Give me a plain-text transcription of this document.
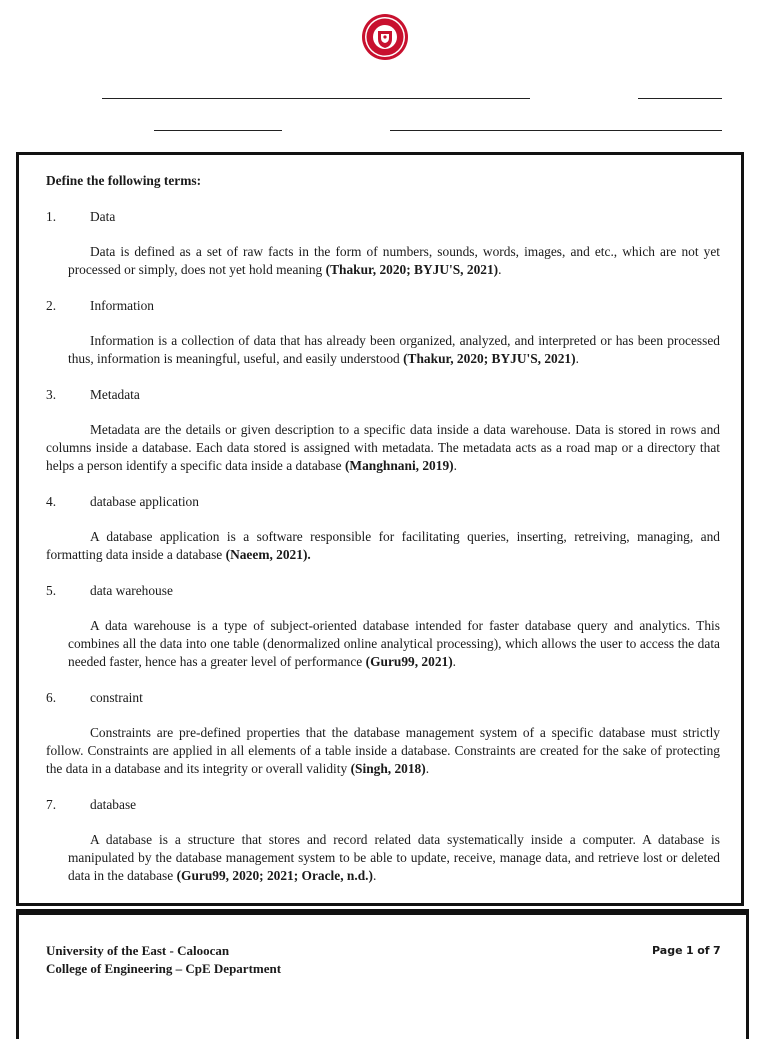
Define the following terms:
1.	Data
Data is defined as a set of raw facts in the form of numbers, sounds, words, images, and etc., which are not yet processed or simply, does not yet hold meaning (Thakur, 2020; BYJU'S, 2021).
2.	Information
Information is a collection of data that has already been organized, analyzed, and interpreted or has been processed thus, information is meaningful, useful, and easily understood (Thakur, 2020; BYJU'S, 2021).
3.	Metadata
Metadata are the details or given description to a specific data inside a data warehouse. Data is stored in rows and columns inside a database. Each data stored is assigned with metadata. The metadata acts as a road map or a directory that helps a person identify a specific data inside a database (Manghnani, 2019).
4.	database application
A database application is a software responsible for facilitating queries, inserting, retreiving, managing, and formatting data inside a database (Naeem, 2021).
5.	data warehouse
A data warehouse is a type of subject-oriented database intended for faster database query and analytics. This combines all the data into one table (denormalized online analytical processing), which allows the user to access the data needed faster, hence has a greater level of performance (Guru99, 2021).
6.	constraint
Constraints are pre-defined properties that the database management system of a specific database must strictly follow. Constraints are applied in all elements of a table inside a database. Constraints are created for the sake of protecting the data in a database and its integrity or overall validity (Singh, 2018).
7.	database
A database is a structure that stores and record related data systematically inside a computer. A database is manipulated by the database management system to be able to update, receive, manage data, and retrieve lost or deleted data in the database (Guru99, 2020; 2021; Oracle, n.d.).
University of the East - Caloocan
College of Engineering – CpE Department
Page 1 of 7
